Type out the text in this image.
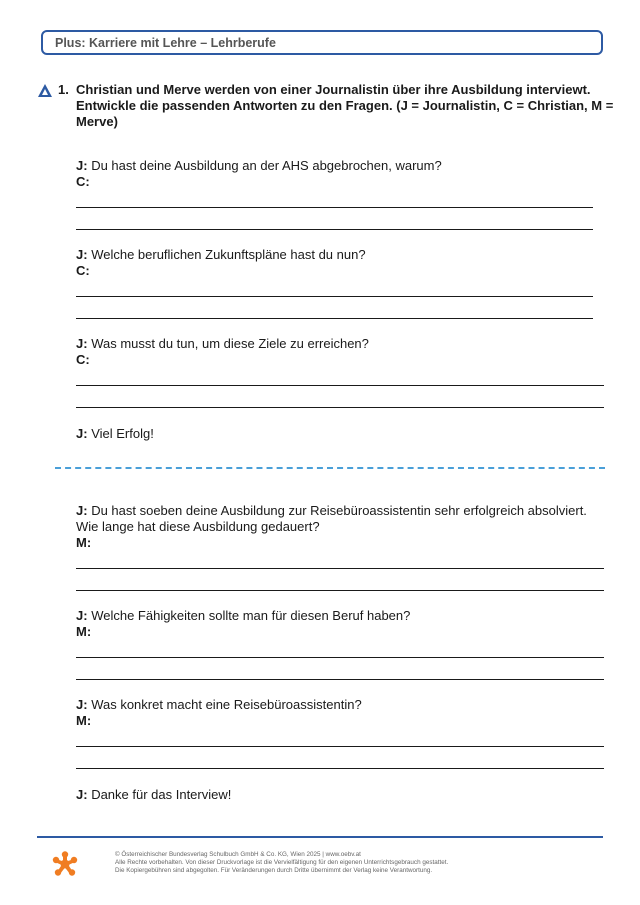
Plus: Karriere mit Lehre – Lehrberufe
1. Christian und Merve werden von einer Journalistin über ihre Ausbildung interviewt. Entwickle die passenden Antworten zu den Fragen. (J = Journalistin, C = Christian, M = Merve)
J: Du hast deine Ausbildung an der AHS abgebrochen, warum?
C:
J: Welche beruflichen Zukunftspläne hast du nun?
C:
J: Was musst du tun, um diese Ziele zu erreichen?
C:
J: Viel Erfolg!
J: Du hast soeben deine Ausbildung zur Reisebüroassistentin sehr erfolgreich absolviert. Wie lange hat diese Ausbildung gedauert?
M:
J: Welche Fähigkeiten sollte man für diesen Beruf haben?
M:
J: Was konkret macht eine Reisebüroassistentin?
M:
J: Danke für das Interview!
© Österreichischer Bundesverlag Schulbuch GmbH & Co. KG, Wien 2025 | www.oebv.at
Alle Rechte vorbehalten. Von dieser Druckvorlage ist die Vervielfältigung für den eigenen Unterrichtsgebrauch gestattet.
Die Kopiergebühren sind abgegolten. Für Veränderungen durch Dritte übernimmt der Verlag keine Verantwortung.
